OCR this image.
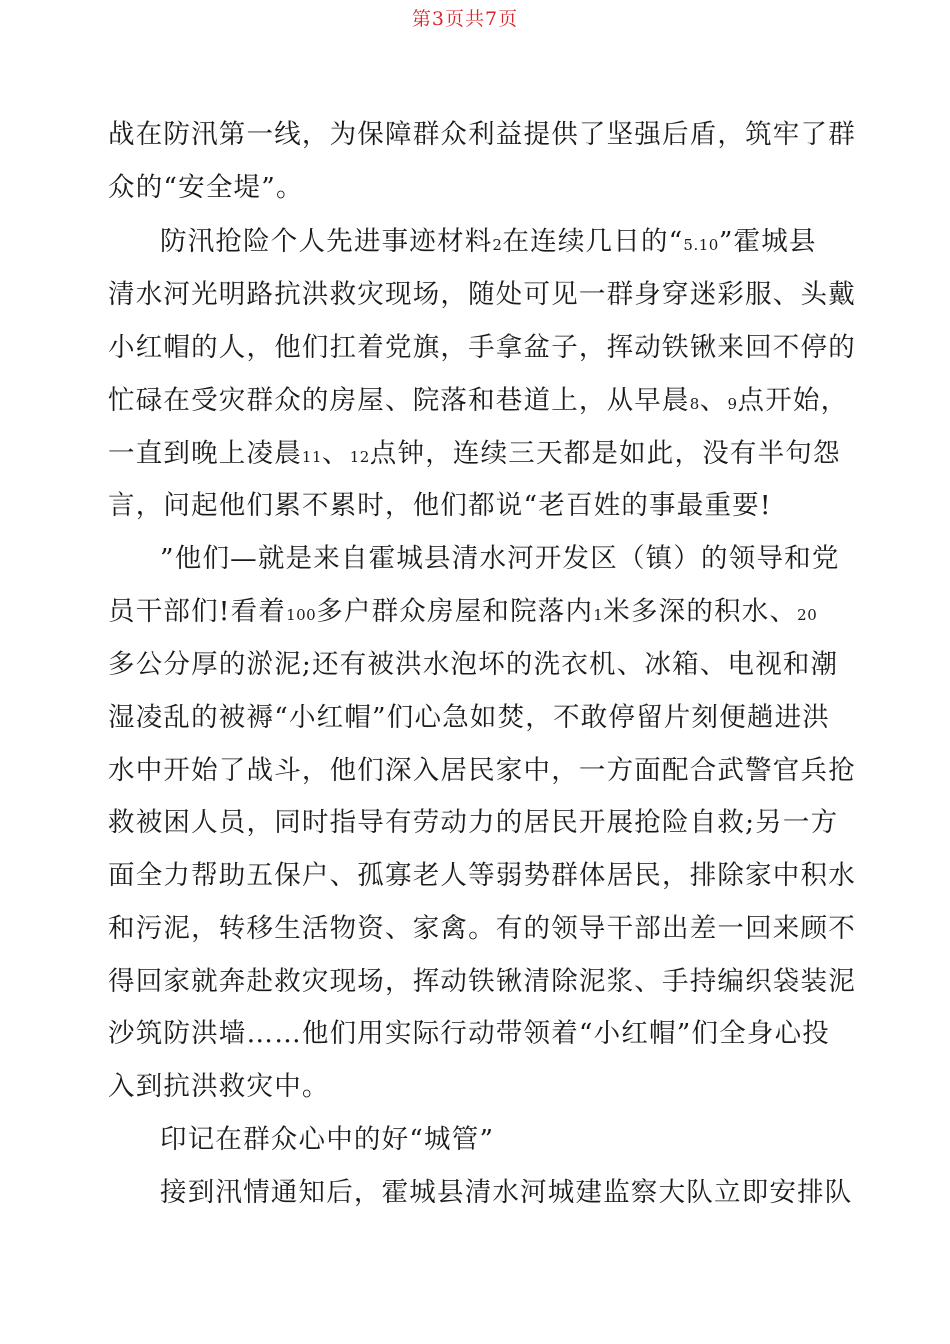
第3页共7页
战在防汛第一线，为保障群众利益提供了坚强后盾，筑牢了群
众的“安全堤”。
防汛抢险个人先进事迹材料2在连续几日的“5.10”霍城县
清水河光明路抗洪救灾现场，随处可见一群身穿迷彩服、头戴
小红帽的人，他们扛着党旗，手拿盆子，挥动铁锹来回不停的
忙碌在受灾群众的房屋、院落和巷道上，从早晨8、9点开始，
一直到晚上凌晨11、12点钟，连续三天都是如此，没有半句怨
言，问起他们累不累时，他们都说“老百姓的事最重要!
”他们—就是来自霍城县清水河开发区（镇）的领导和党
员干部们!看着100多户群众房屋和院落内1米多深的积水、20
多公分厚的淤泥;还有被洪水泡坏的洗衣机、冰箱、电视和潮
湿凌乱的被褥“小红帽”们心急如焚，不敢停留片刻便趟进洪
水中开始了战斗，他们深入居民家中，一方面配合武警官兵抢
救被困人员，同时指导有劳动力的居民开展抢险自救;另一方
面全力帮助五保户、孤寡老人等弱势群体居民，排除家中积水
和污泥，转移生活物资、家禽。有的领导干部出差一回来顾不
得回家就奔赴救灾现场，挥动铁锹清除泥浆、手持编织袋装泥
沙筑防洪墙……他们用实际行动带领着“小红帽”们全身心投
入到抗洪救灾中。
印记在群众心中的好“城管”
接到汛情通知后，霍城县清水河城建监察大队立即安排队
